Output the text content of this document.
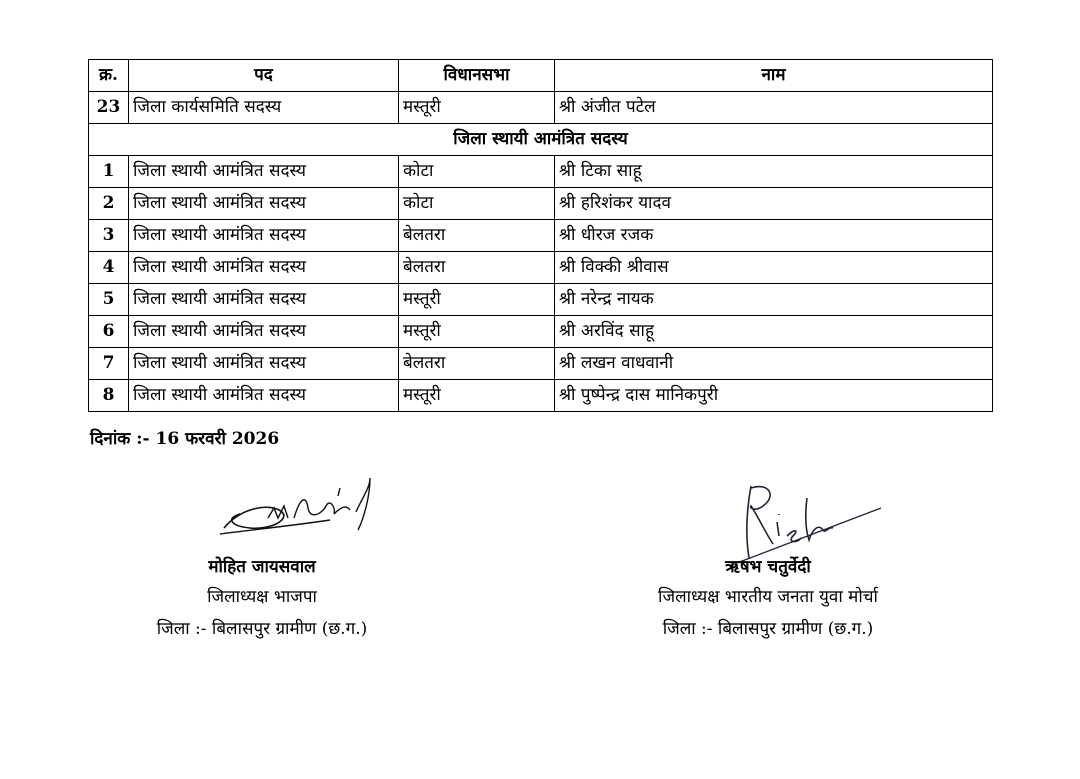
क्र.	पद	विधानसभा	नाम
23	जिला कार्यसमिति सदस्य	मस्तूरी	श्री अंजीत पटेल
जिला स्थायी आमंत्रित सदस्य			
1	जिला स्थायी आमंत्रित सदस्य	कोटा	श्री टिका साहू
2	जिला स्थायी आमंत्रित सदस्य	कोटा	श्री हरिशंकर यादव
3	जिला स्थायी आमंत्रित सदस्य	बेलतरा	श्री धीरज रजक
4	जिला स्थायी आमंत्रित सदस्य	बेलतरा	श्री विक्की श्रीवास
5	जिला स्थायी आमंत्रित सदस्य	मस्तूरी	श्री नरेन्द्र नायक
6	जिला स्थायी आमंत्रित सदस्य	मस्तूरी	श्री अरविंद साहू
7	जिला स्थायी आमंत्रित सदस्य	बेलतरा	श्री लखन वाधवानी
8	जिला स्थायी आमंत्रित सदस्य	मस्तूरी	श्री पुष्पेन्द्र दास मानिकपुरी
दिनांक :- 16 फरवरी 2026
मोहित जायसवाल
जिलाध्यक्ष भाजपा
जिला :- बिलासपुर ग्रामीण (छ.ग.)
ऋषभ चतुर्वेदी
जिलाध्यक्ष भारतीय जनता युवा मोर्चा
जिला :- बिलासपुर ग्रामीण (छ.ग.)
